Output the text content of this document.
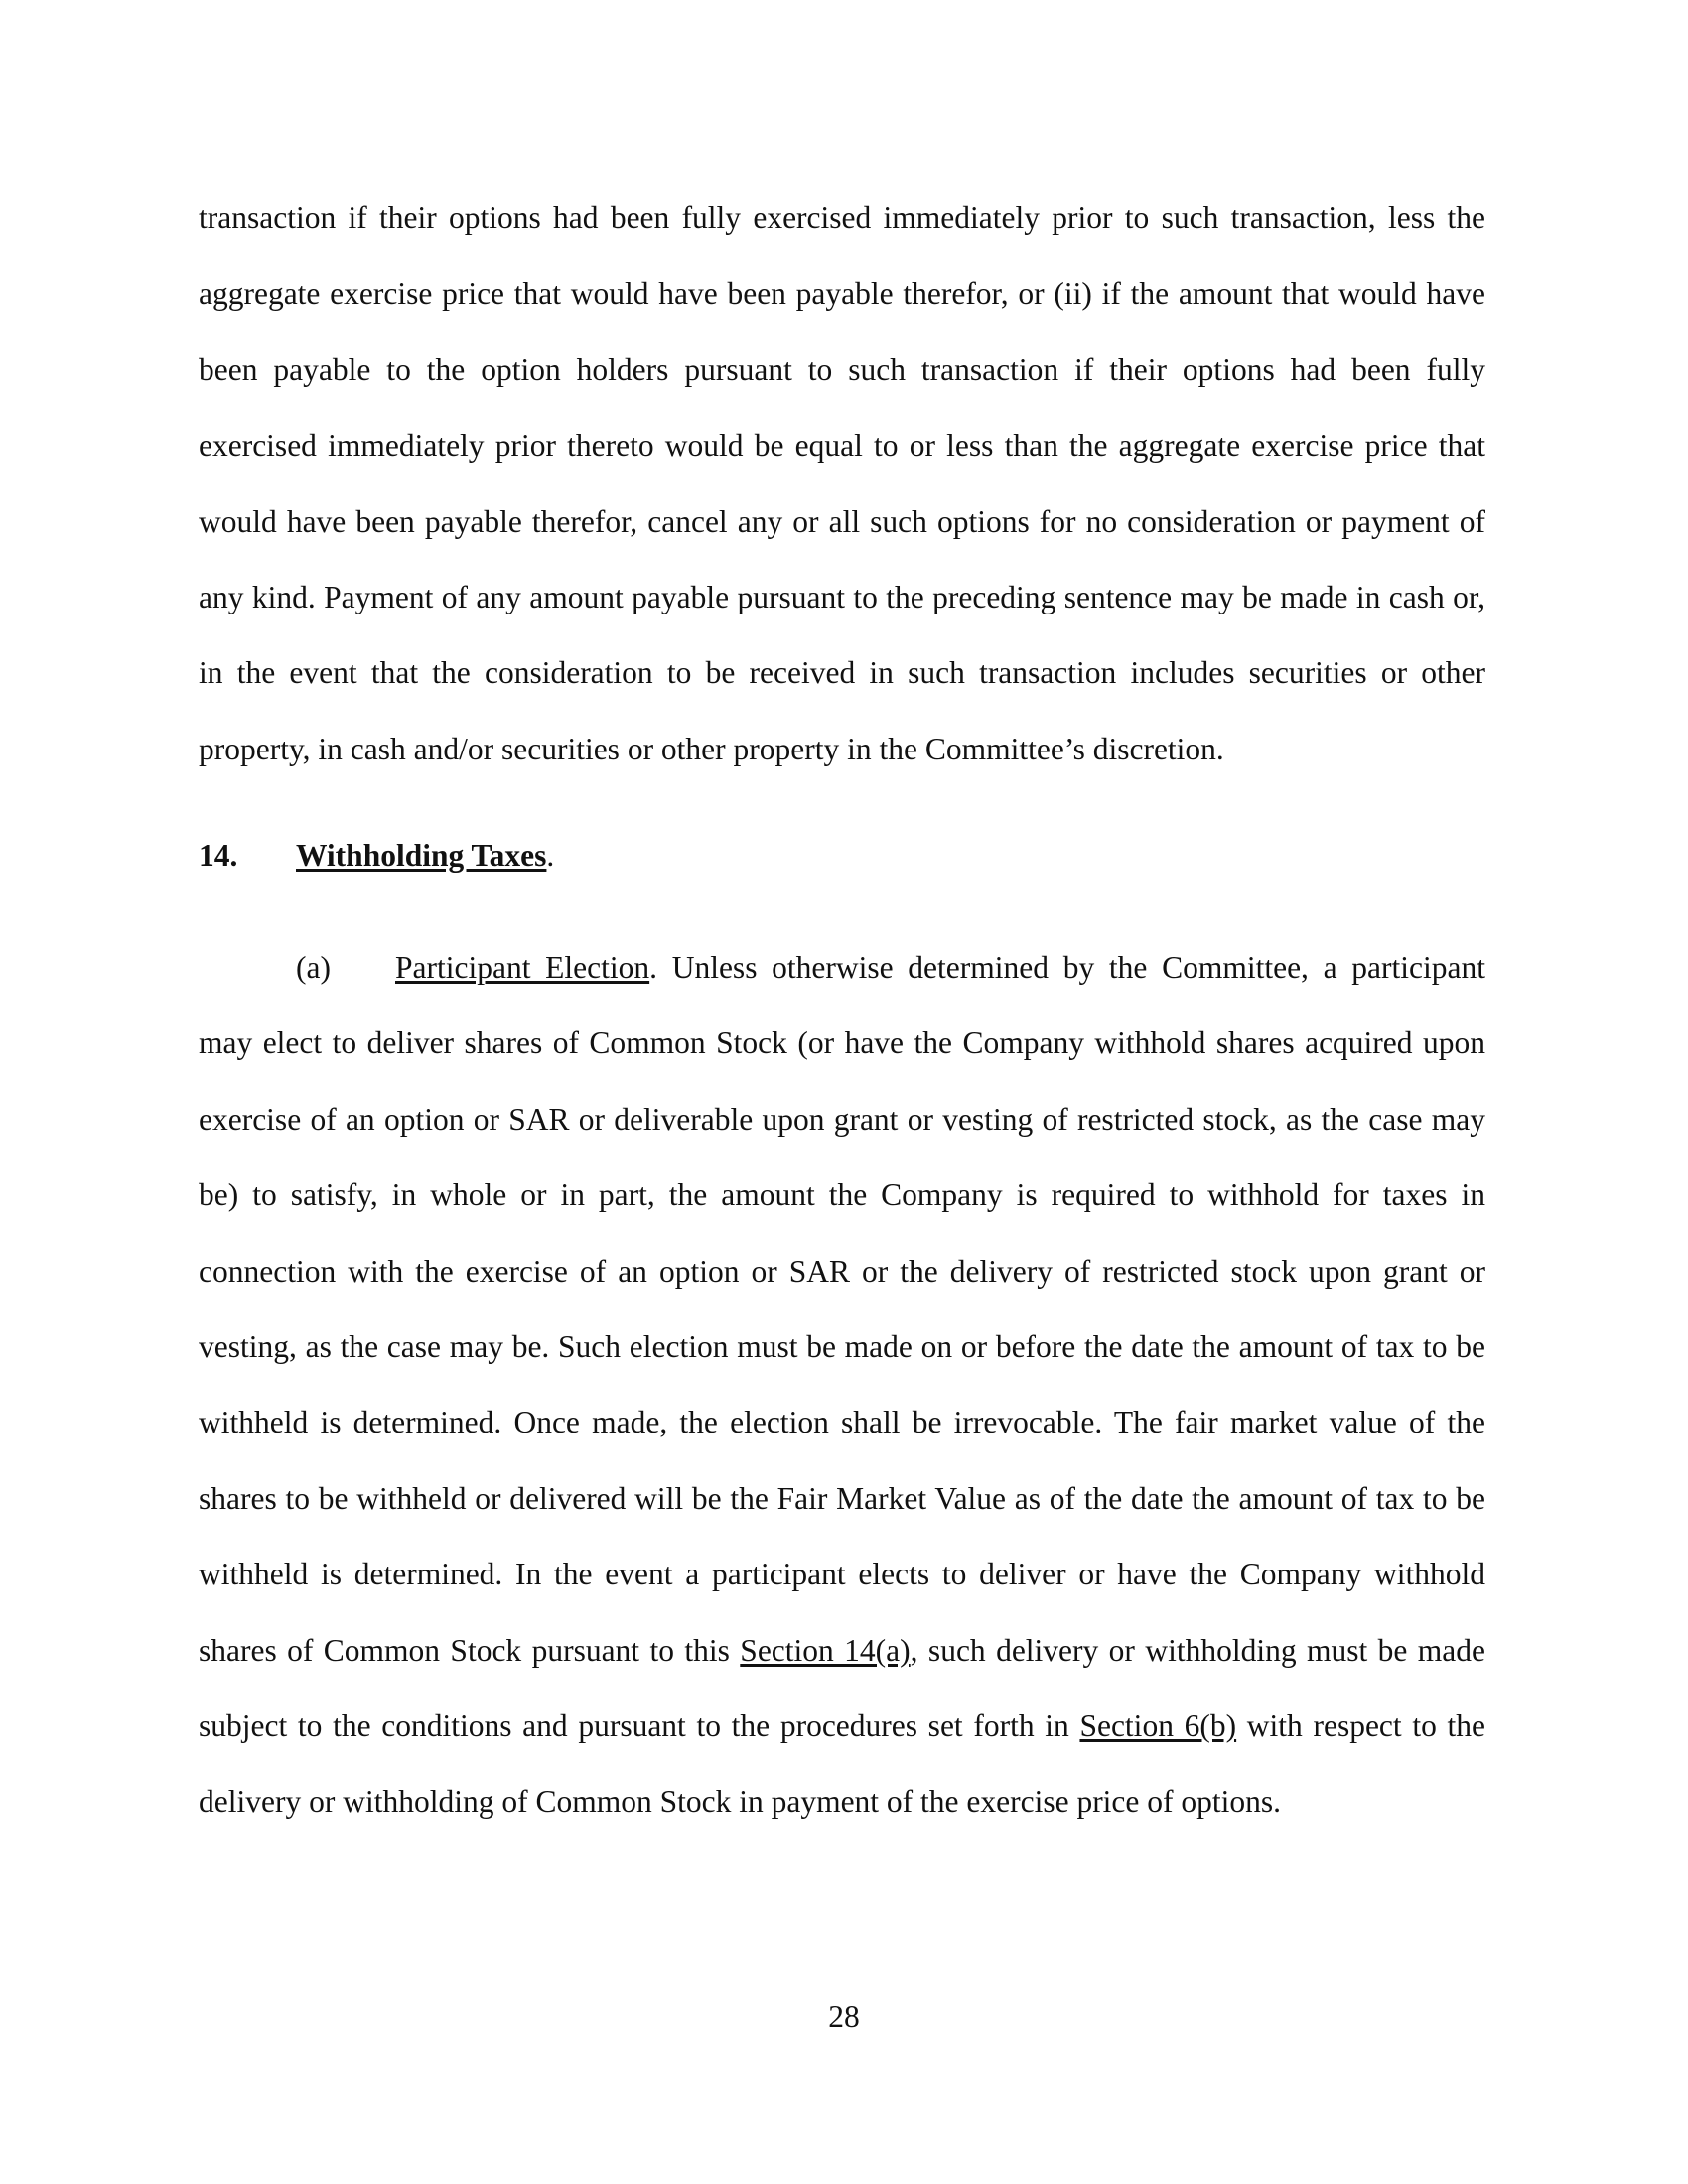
transaction if their options had been fully exercised immediately prior to such transaction, less the aggregate exercise price that would have been payable therefor, or (ii) if the amount that would have been payable to the option holders pursuant to such transaction if their options had been fully exercised immediately prior thereto would be equal to or less than the aggregate exercise price that would have been payable therefor, cancel any or all such options for no consideration or payment of any kind. Payment of any amount payable pursuant to the preceding sentence may be made in cash or, in the event that the consideration to be received in such transaction includes securities or other property, in cash and/or securities or other property in the Committee’s discretion.
14. Withholding Taxes.
(a) Participant Election. Unless otherwise determined by the Committee, a participant may elect to deliver shares of Common Stock (or have the Company withhold shares acquired upon exercise of an option or SAR or deliverable upon grant or vesting of restricted stock, as the case may be) to satisfy, in whole or in part, the amount the Company is required to withhold for taxes in connection with the exercise of an option or SAR or the delivery of restricted stock upon grant or vesting, as the case may be. Such election must be made on or before the date the amount of tax to be withheld is determined. Once made, the election shall be irrevocable. The fair market value of the shares to be withheld or delivered will be the Fair Market Value as of the date the amount of tax to be withheld is determined. In the event a participant elects to deliver or have the Company withhold shares of Common Stock pursuant to this Section 14(a), such delivery or withholding must be made subject to the conditions and pursuant to the procedures set forth in Section 6(b) with respect to the delivery or withholding of Common Stock in payment of the exercise price of options.
28
